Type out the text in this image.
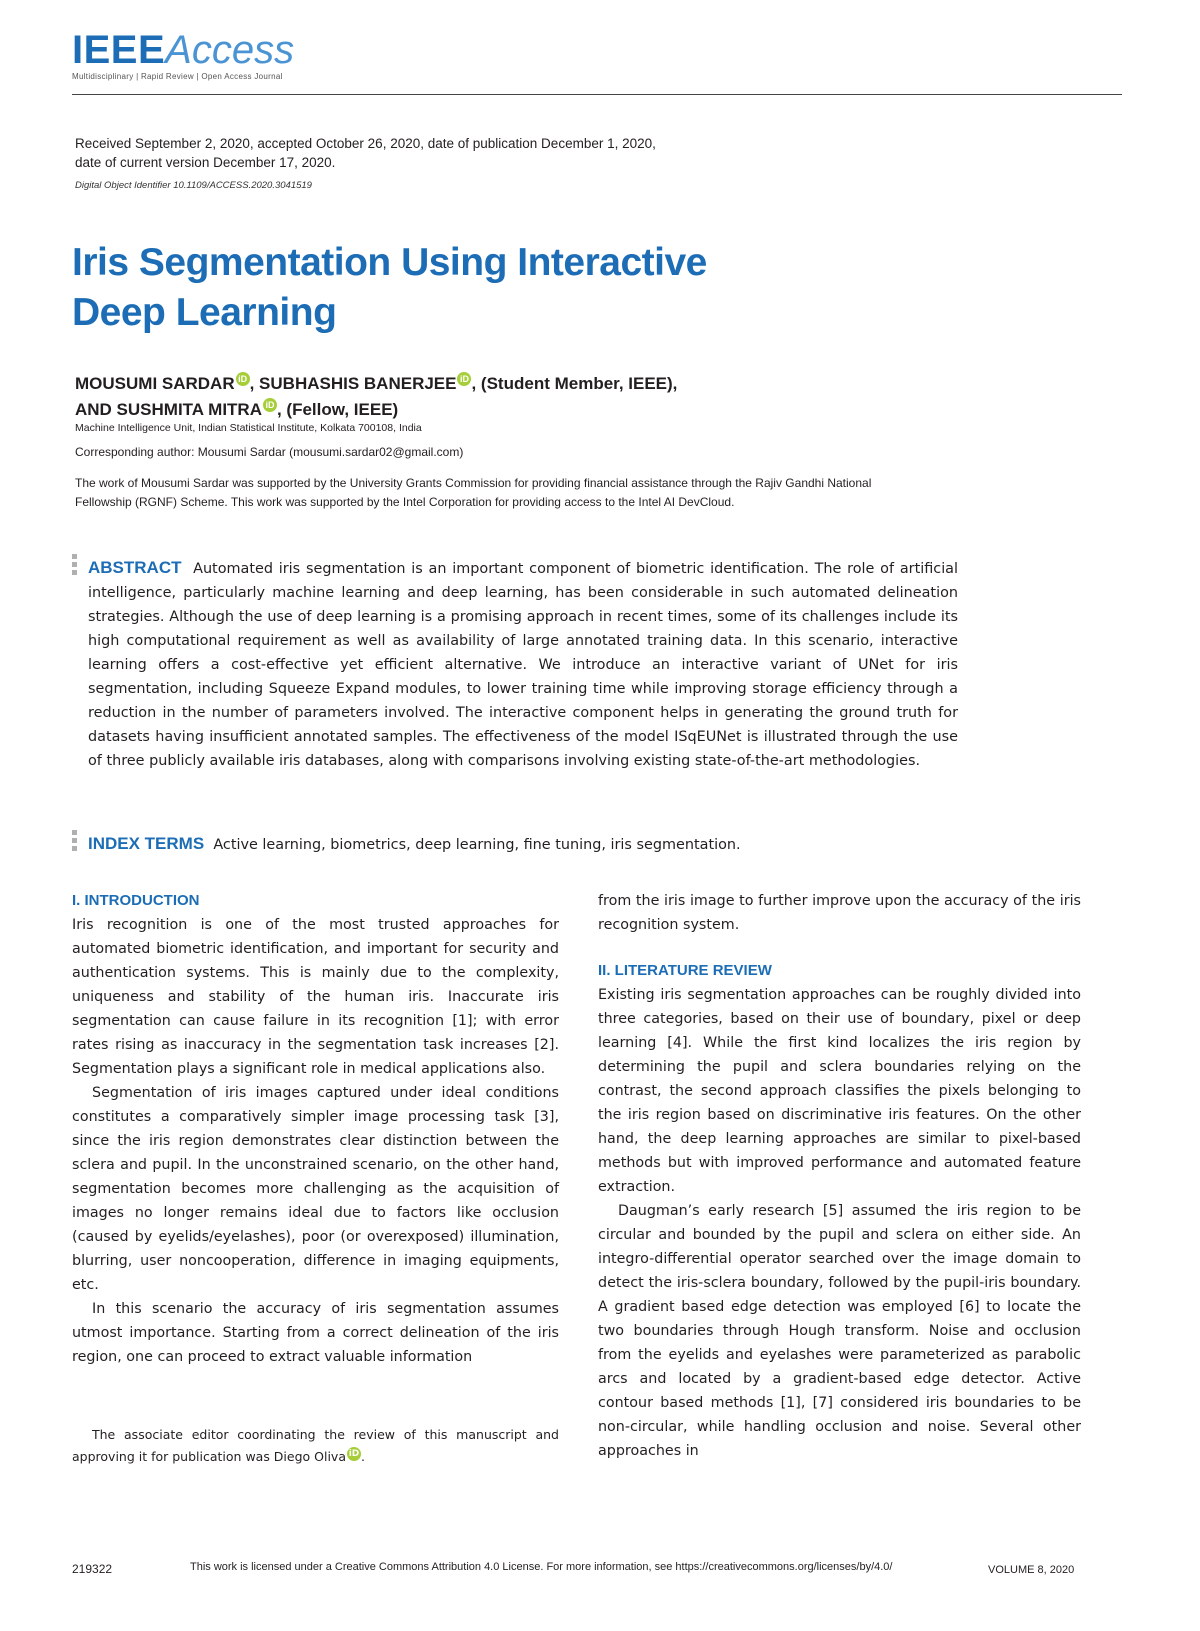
IEEEAccess
Multidisciplinary | Rapid Review | Open Access Journal
Received September 2, 2020, accepted October 26, 2020, date of publication December 1, 2020,
date of current version December 17, 2020.
Digital Object Identifier 10.1109/ACCESS.2020.3041519
Iris Segmentation Using Interactive
Deep Learning
MOUSUMI SARDAR iD , SUBHASHIS BANERJEE iD , (Student Member, IEEE),
AND SUSHMITA MITRA iD , (Fellow, IEEE)
Machine Intelligence Unit, Indian Statistical Institute, Kolkata 700108, India
Corresponding author: Mousumi Sardar (mousumi.sardar02@gmail.com)
The work of Mousumi Sardar was supported by the University Grants Commission for providing financial assistance through the Rajiv Gandhi National Fellowship (RGNF) Scheme. This work was supported by the Intel Corporation for providing access to the Intel AI DevCloud.
ABSTRACT Automated iris segmentation is an important component of biometric identification. The role of artificial intelligence, particularly machine learning and deep learning, has been considerable in such automated delineation strategies. Although the use of deep learning is a promising approach in recent times, some of its challenges include its high computational requirement as well as availability of large annotated training data. In this scenario, interactive learning offers a cost-effective yet efficient alternative. We introduce an interactive variant of UNet for iris segmentation, including Squeeze Expand modules, to lower training time while improving storage efficiency through a reduction in the number of parameters involved. The interactive component helps in generating the ground truth for datasets having insufficient annotated samples. The effectiveness of the model ISqEUNet is illustrated through the use of three publicly available iris databases, along with comparisons involving existing state-of-the-art methodologies.
INDEX TERMS Active learning, biometrics, deep learning, fine tuning, iris segmentation.
I. INTRODUCTION

Iris recognition is one of the most trusted approaches for automated biometric identification, and important for security and authentication systems. This is mainly due to the complexity, uniqueness and stability of the human iris. Inaccurate iris segmentation can cause failure in its recognition [1]; with error rates rising as inaccuracy in the segmentation task increases [2]. Segmentation plays a significant role in medical applications also.

Segmentation of iris images captured under ideal conditions constitutes a comparatively simpler image processing task [3], since the iris region demonstrates clear distinction between the sclera and pupil. In the unconstrained scenario, on the other hand, segmentation becomes more challenging as the acquisition of images no longer remains ideal due to factors like occlusion (caused by eyelids/eyelashes), poor (or overexposed) illumination, blurring, user noncooperation, difference in imaging equipments, etc.

In this scenario the accuracy of iris segmentation assumes utmost importance. Starting from a correct delineation of the iris region, one can proceed to extract valuable information

from the iris image to further improve upon the accuracy of the iris recognition system.

II. LITERATURE REVIEW

Existing iris segmentation approaches can be roughly divided into three categories, based on their use of boundary, pixel or deep learning [4]. While the first kind localizes the iris region by determining the pupil and sclera boundaries relying on the contrast, the second approach classifies the pixels belonging to the iris region based on discriminative iris features. On the other hand, the deep learning approaches are similar to pixel-based methods but with improved performance and automated feature extraction.

Daugman’s early research [5] assumed the iris region to be circular and bounded by the pupil and sclera on either side. An integro-differential operator searched over the image domain to detect the iris-sclera boundary, followed by the pupil-iris boundary. A gradient based edge detection was employed [6] to locate the two boundaries through Hough transform. Noise and occlusion from the eyelids and eyelashes were parameterized as parabolic arcs and located by a gradient-based edge detector. Active contour based methods [1], [7] considered iris boundaries to be non-circular, while handling occlusion and noise. Several other approaches in

The associate editor coordinating the review of this manuscript and approving it for publication was Diego Oliva iD .
219322	This work is licensed under a Creative Commons Attribution 4.0 License. For more information, see https://creativecommons.org/licenses/by/4.0/	VOLUME 8, 2020
